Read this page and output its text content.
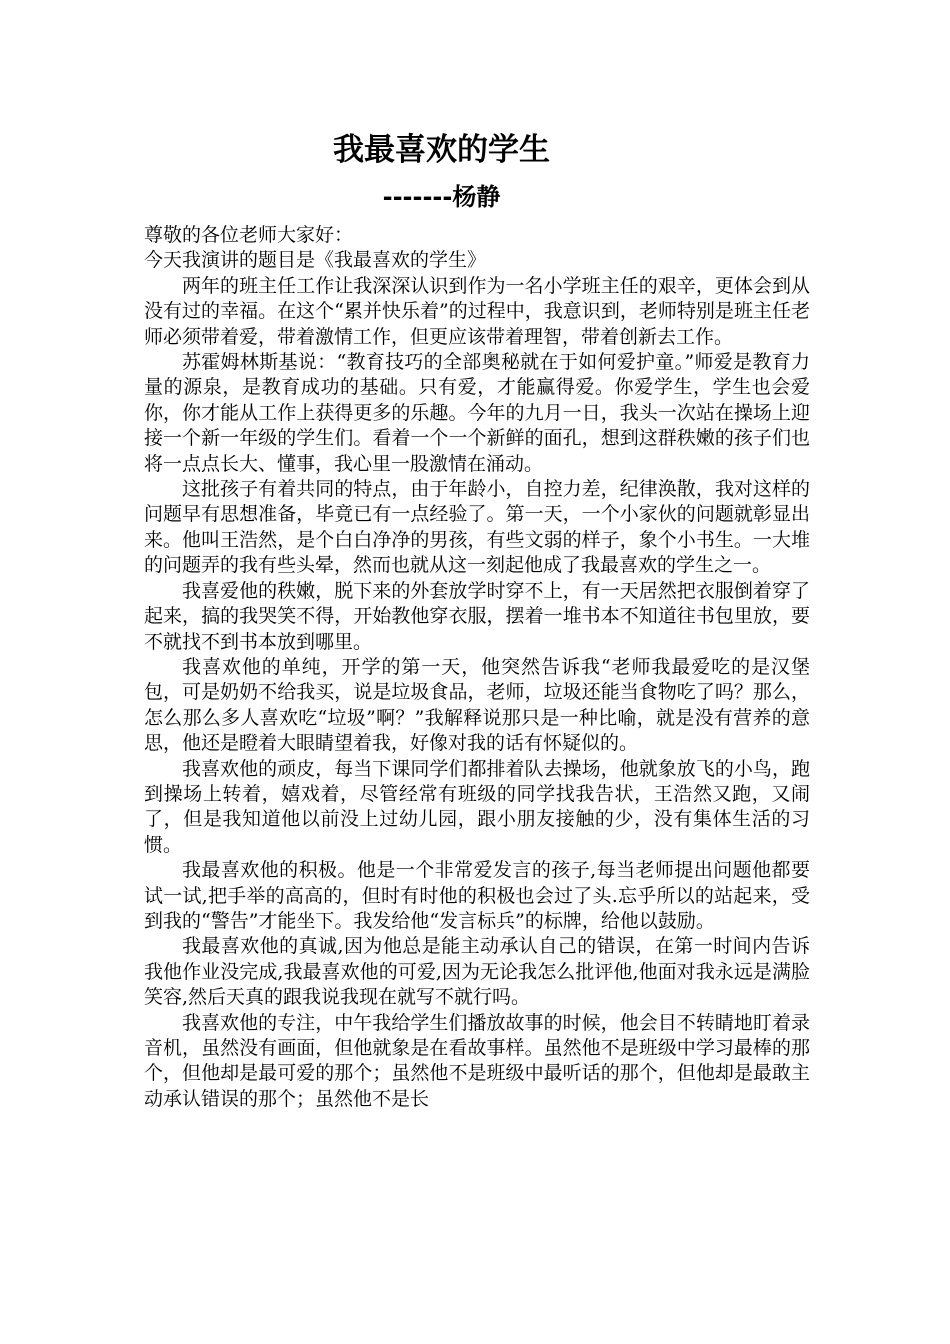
我最喜欢的学生
-------杨静

尊敬的各位老师大家好：

今天我演讲的题目是《我最喜欢的学生》

两年的班主任工作让我深深认识到作为一名小学班主任的艰辛，更体会到从没有过的幸福。在这个“累并快乐着”的过程中，我意识到，老师特别是班主任老师必须带着爱，带着激情工作，但更应该带着理智，带着创新去工作。

苏霍姆林斯基说：“教育技巧的全部奥秘就在于如何爱护童。”师爱是教育力量的源泉，是教育成功的基础。只有爱，才能赢得爱。你爱学生，学生也会爱你，你才能从工作上获得更多的乐趣。今年的九月一日，我头一次站在操场上迎接一个新一年级的学生们。看着一个一个新鲜的面孔，想到这群秩嫩的孩子们也将一点点长大、懂事，我心里一股激情在涌动。

这批孩子有着共同的特点，由于年龄小，自控力差，纪律涣散，我对这样的问题早有思想准备，毕竟已有一点经验了。第一天，一个小家伙的问题就彰显出来。他叫王浩然，是个白白净净的男孩，有些文弱的样子，象个小书生。一大堆的问题弄的我有些头晕，然而也就从这一刻起他成了我最喜欢的学生之一。

我喜爱他的秩嫩，脱下来的外套放学时穿不上，有一天居然把衣服倒着穿了起来，搞的我哭笑不得，开始教他穿衣服，摆着一堆书本不知道往书包里放，要不就找不到书本放到哪里。

我喜欢他的单纯，开学的第一天，他突然告诉我“老师我最爱吃的是汉堡包，可是奶奶不给我买，说是垃圾食品，老师，垃圾还能当食物吃了吗？那么，怎么那么多人喜欢吃“垃圾”啊？”我解释说那只是一种比喻，就是没有营养的意思，他还是瞪着大眼睛望着我，好像对我的话有怀疑似的。

我喜欢他的顽皮，每当下课同学们都排着队去操场，他就象放飞的小鸟，跑到操场上转着，嬉戏着，尽管经常有班级的同学找我告状，王浩然又跑，又闹了，但是我知道他以前没上过幼儿园，跟小朋友接触的少，没有集体生活的习惯。

我最喜欢他的积极。他是一个非常爱发言的孩子,每当老师提出问题他都要试一试,把手举的高高的，但时有时他的积极也会过了头.忘乎所以的站起来，受到我的“警告”才能坐下。我发给他“发言标兵”的标牌，给他以鼓励。

我最喜欢他的真诚,因为他总是能主动承认自己的错误，在第一时间内告诉我他作业没完成,我最喜欢他的可爱,因为无论我怎么批评他,他面对我永远是满脸笑容,然后天真的跟我说我现在就写不就行吗。

我喜欢他的专注，中午我给学生们播放故事的时候，他会目不转睛地盯着录音机，虽然没有画面，但他就象是在看故事样。虽然他不是班级中学习最棒的那个，但他却是最可爱的那个；虽然他不是班级中最听话的那个，但他却是最敢主动承认错误的那个；虽然他不是长
